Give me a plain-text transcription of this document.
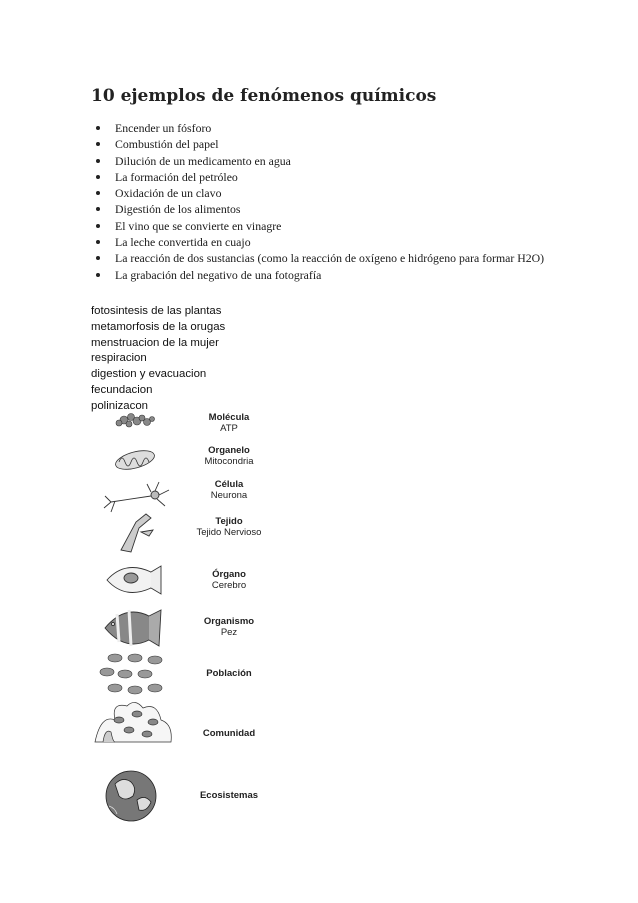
10 ejemplos de fenómenos químicos
Encender un fósforo
Combustión del papel
Dilución de un medicamento en agua
La formación del petróleo
Oxidación de un clavo
Digestión de los alimentos
El vino que se convierte en vinagre
La leche convertida en cuajo
La reacción de dos sustancias (como la reacción de oxígeno e hidrógeno para formar H2O)
La grabación del negativo de una fotografía
fotosintesis de las plantas
metamorfosis de la orugas
menstruacion de la mujer
respiracion
digestion y evacuacion
fecundacion
polinizacon
Molécula
ATP
Organelo
Mitocondria
Célula
Neurona
Tejido
Tejido Nervioso
Órgano
Cerebro
Organismo
Pez
Población
Comunidad
Ecosistemas
